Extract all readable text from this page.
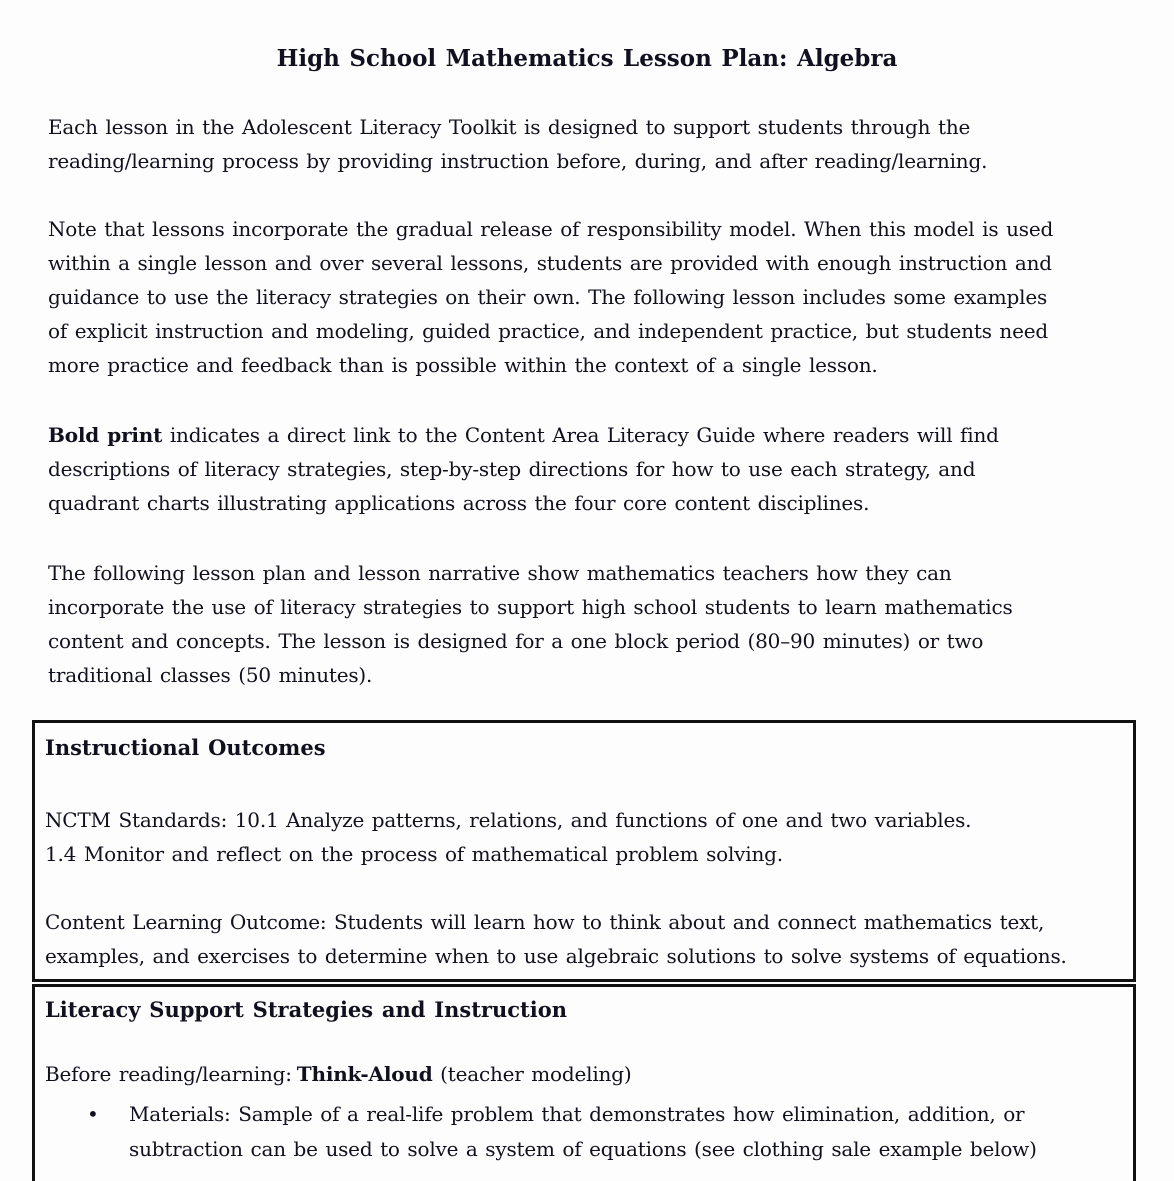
High School Mathematics Lesson Plan: Algebra
Each lesson in the Adolescent Literacy Toolkit is designed to support students through the
reading/learning process by providing instruction before, during, and after reading/learning.
Note that lessons incorporate the gradual release of responsibility model. When this model is used
within a single lesson and over several lessons, students are provided with enough instruction and
guidance to use the literacy strategies on their own. The following lesson includes some examples
of explicit instruction and modeling, guided practice, and independent practice, but students need
more practice and feedback than is possible within the context of a single lesson.
Bold print indicates a direct link to the Content Area Literacy Guide where readers will find
descriptions of literacy strategies, step-by-step directions for how to use each strategy, and
quadrant charts illustrating applications across the four core content disciplines.
The following lesson plan and lesson narrative show mathematics teachers how they can
incorporate the use of literacy strategies to support high school students to learn mathematics
content and concepts. The lesson is designed for a one block period (80–90 minutes) or two
traditional classes (50 minutes).
Instructional Outcomes
NCTM Standards: 10.1 Analyze patterns, relations, and functions of one and two variables.
1.4 Monitor and reflect on the process of mathematical problem solving.
Content Learning Outcome: Students will learn how to think about and connect mathematics text,
examples, and exercises to determine when to use algebraic solutions to solve systems of equations.
Literacy Support Strategies and Instruction
Before reading/learning: Think-Aloud (teacher modeling)
•	Materials: Sample of a real-life problem that demonstrates how elimination, addition, or
subtraction can be used to solve a system of equations (see clothing sale example below)
